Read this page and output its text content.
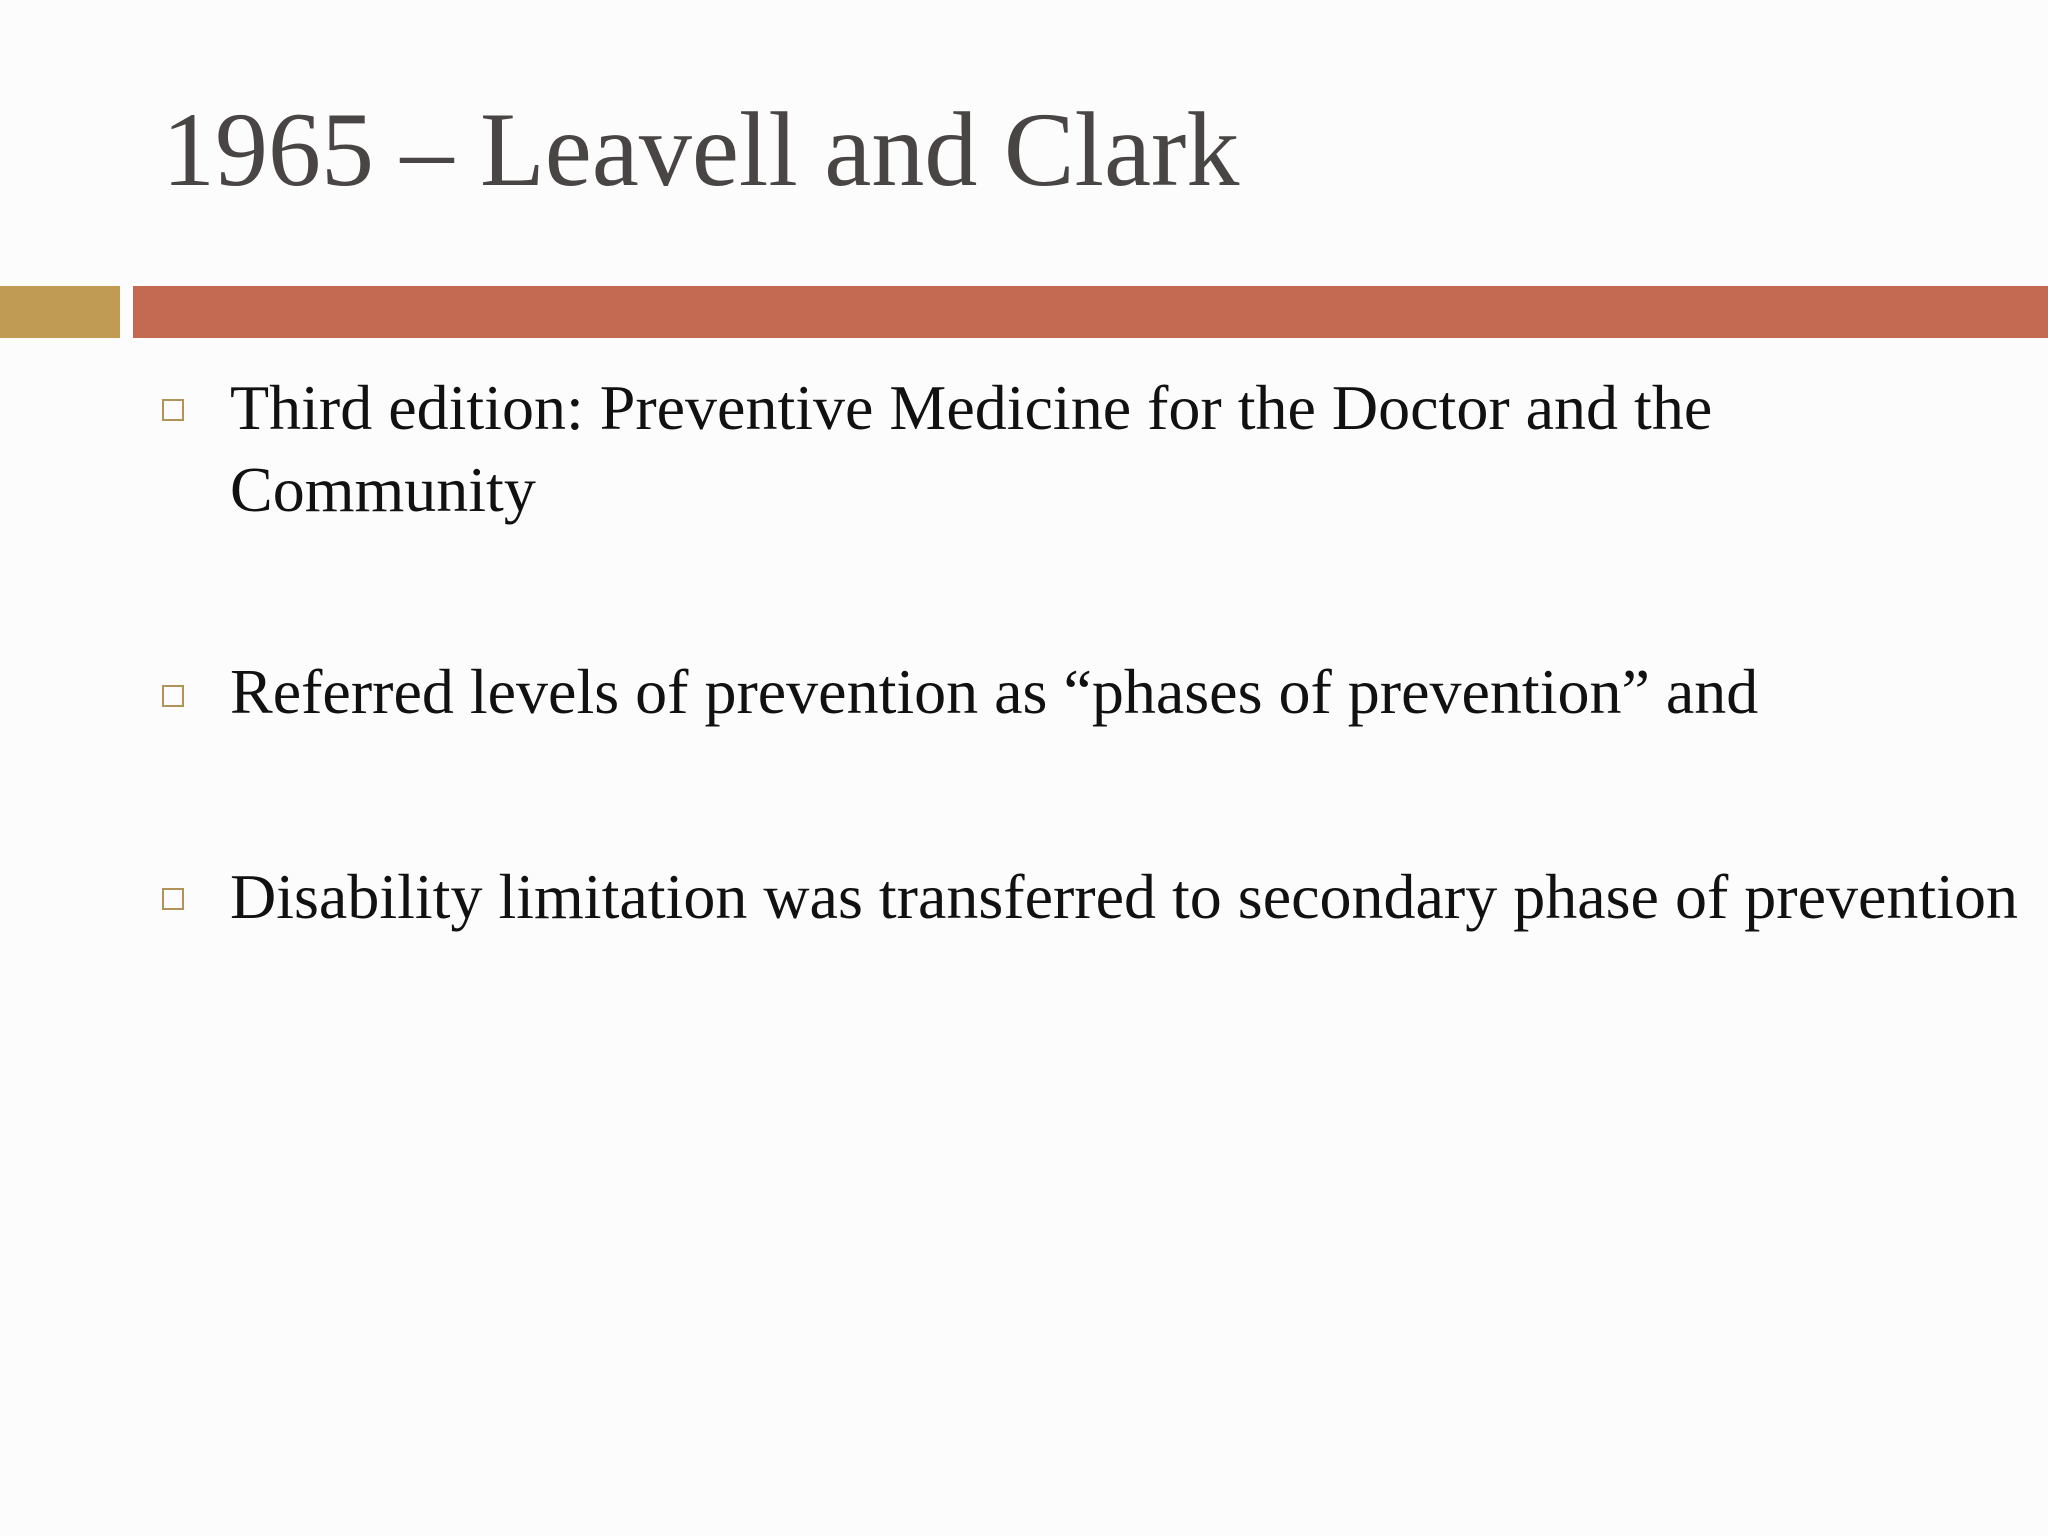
1965 – Leavell and Clark
Third edition: Preventive Medicine for the Doctor and the Community
Referred levels of prevention as “phases of prevention” and
Disability limitation was transferred to secondary phase of prevention
